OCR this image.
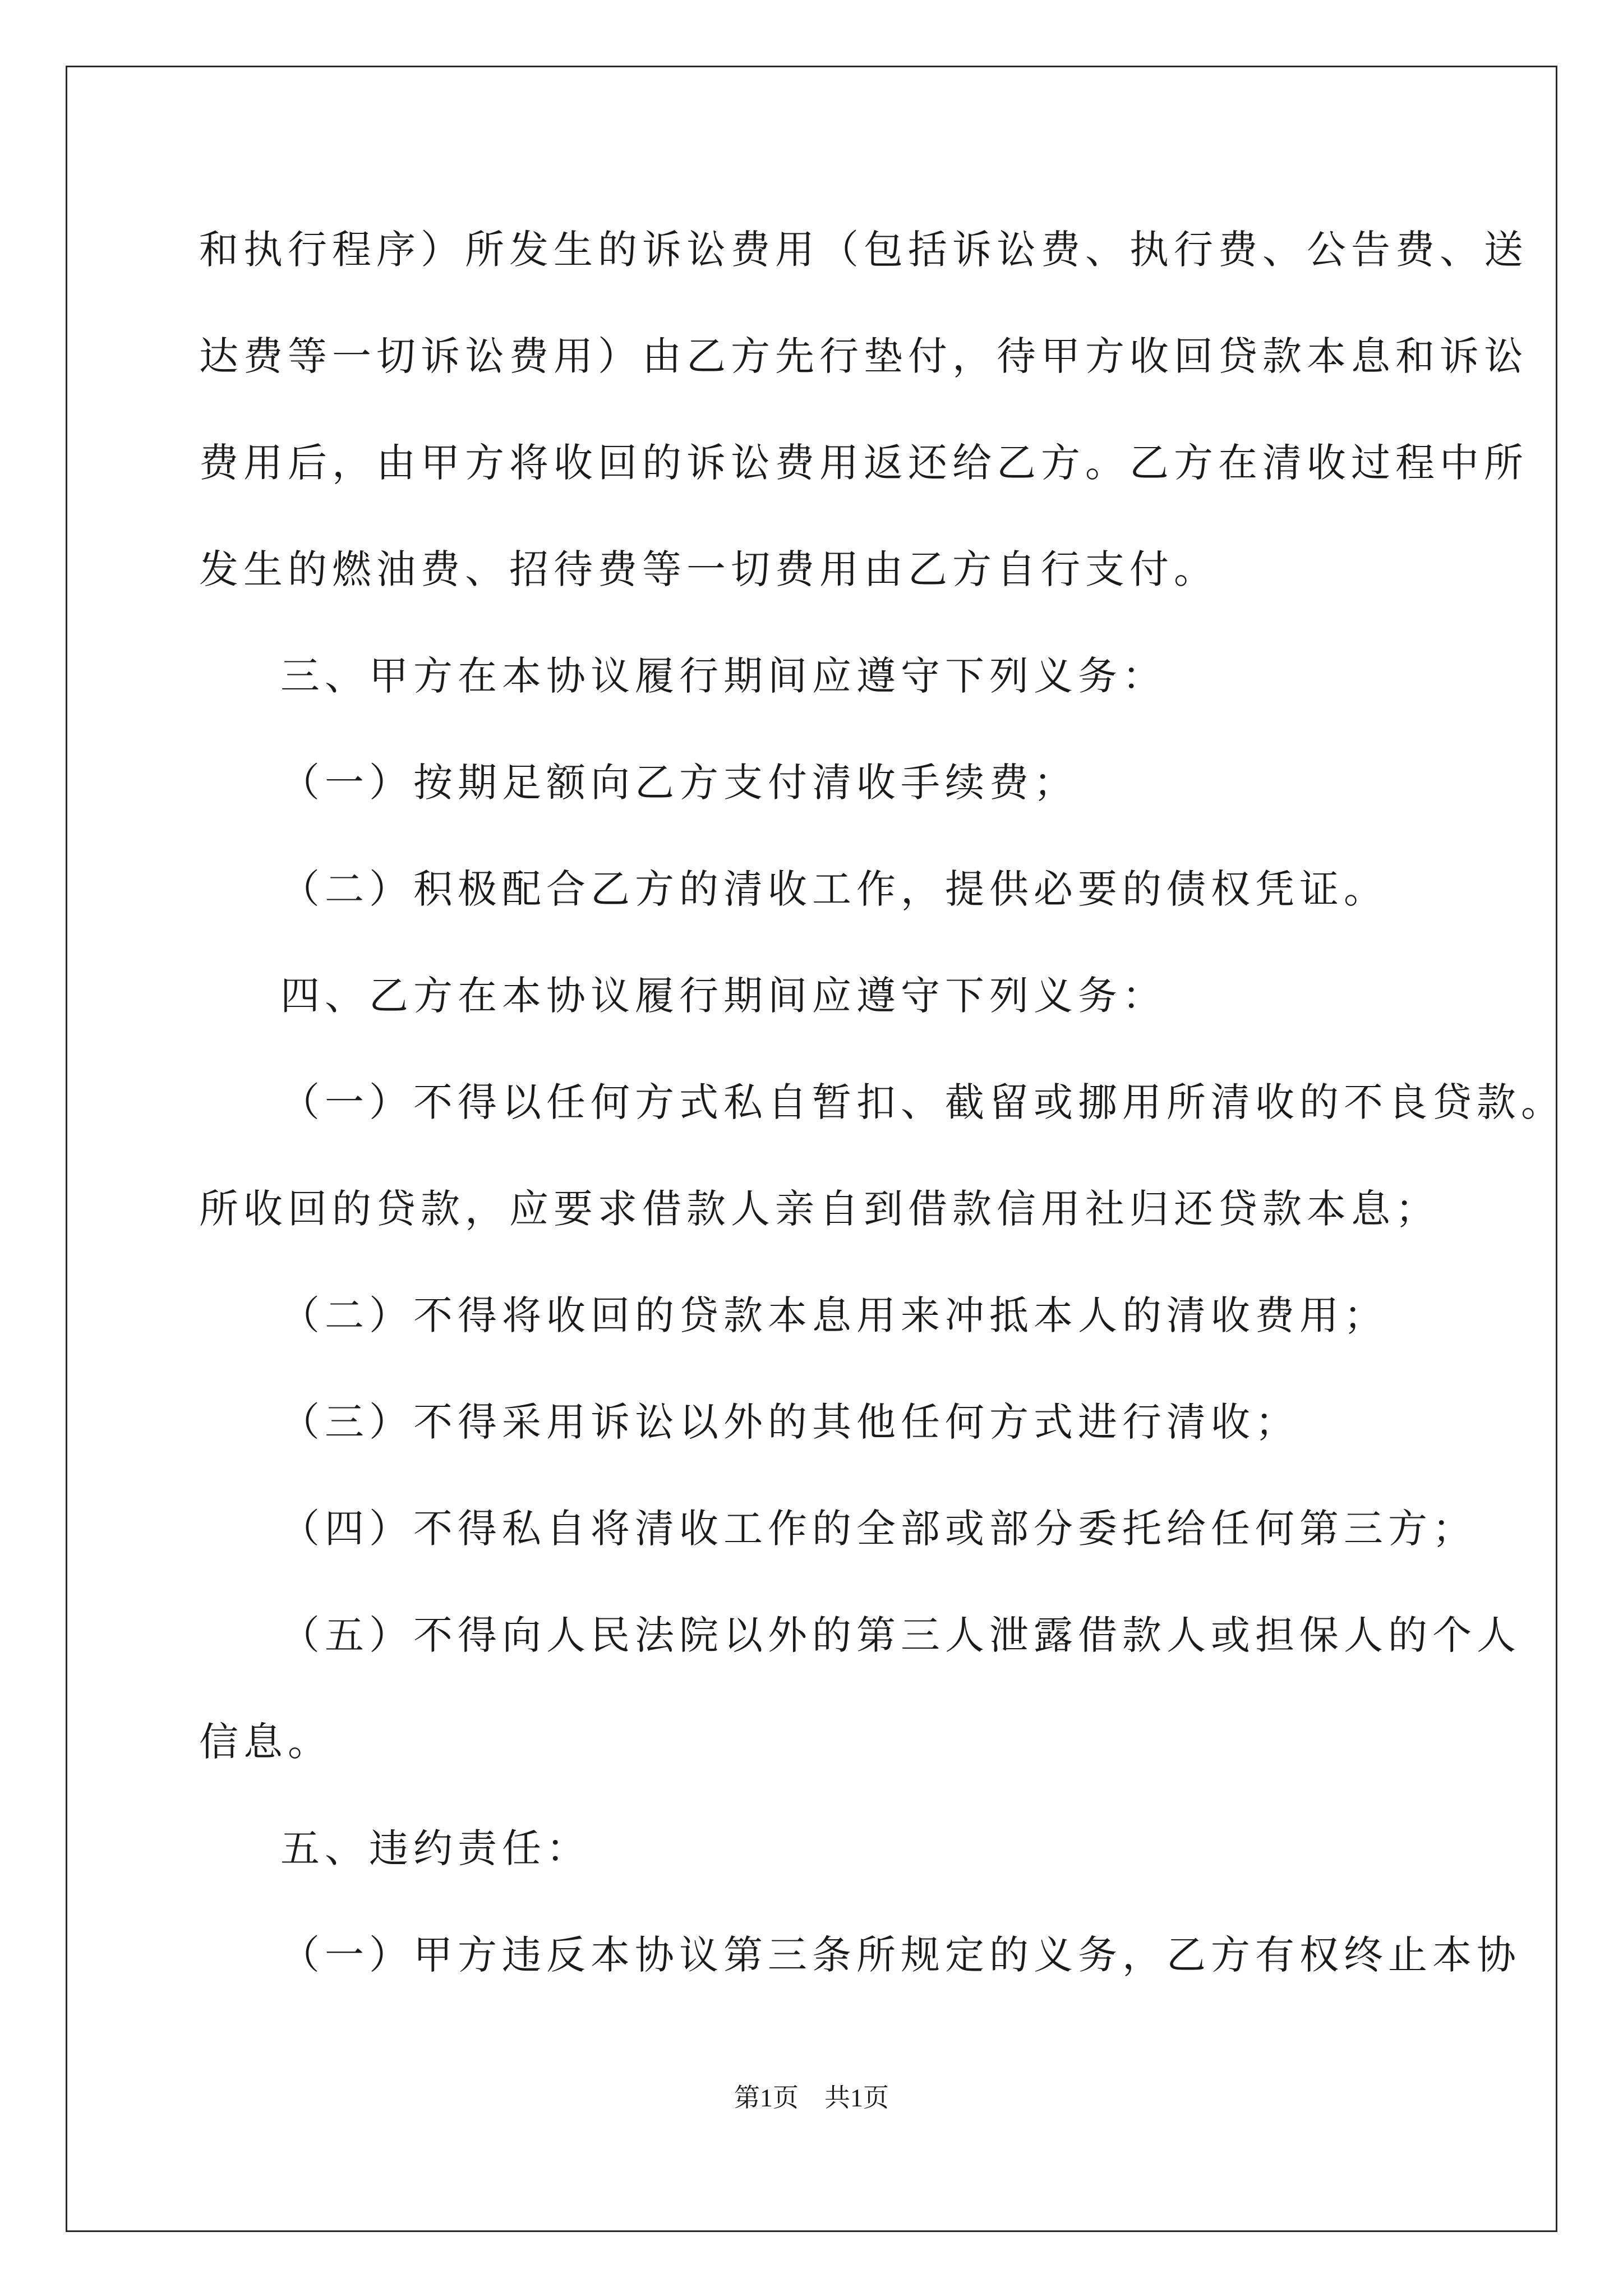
和执行程序）所发生的诉讼费用（包括诉讼费、执行费、公告费、送
达费等一切诉讼费用）由乙方先行垫付，待甲方收回贷款本息和诉讼
费用后，由甲方将收回的诉讼费用返还给乙方。乙方在清收过程中所
发生的燃油费、招待费等一切费用由乙方自行支付。
三、甲方在本协议履行期间应遵守下列义务：
（一）按期足额向乙方支付清收手续费；
（二）积极配合乙方的清收工作，提供必要的债权凭证。
四、乙方在本协议履行期间应遵守下列义务：
（一）不得以任何方式私自暂扣、截留或挪用所清收的不良贷款。
所收回的贷款，应要求借款人亲自到借款信用社归还贷款本息；
（二）不得将收回的贷款本息用来冲抵本人的清收费用；
（三）不得采用诉讼以外的其他任何方式进行清收；
（四）不得私自将清收工作的全部或部分委托给任何第三方；
（五）不得向人民法院以外的第三人泄露借款人或担保人的个人
信息。
五、违约责任：
（一）甲方违反本协议第三条所规定的义务，乙方有权终止本协
第1页　共1页
